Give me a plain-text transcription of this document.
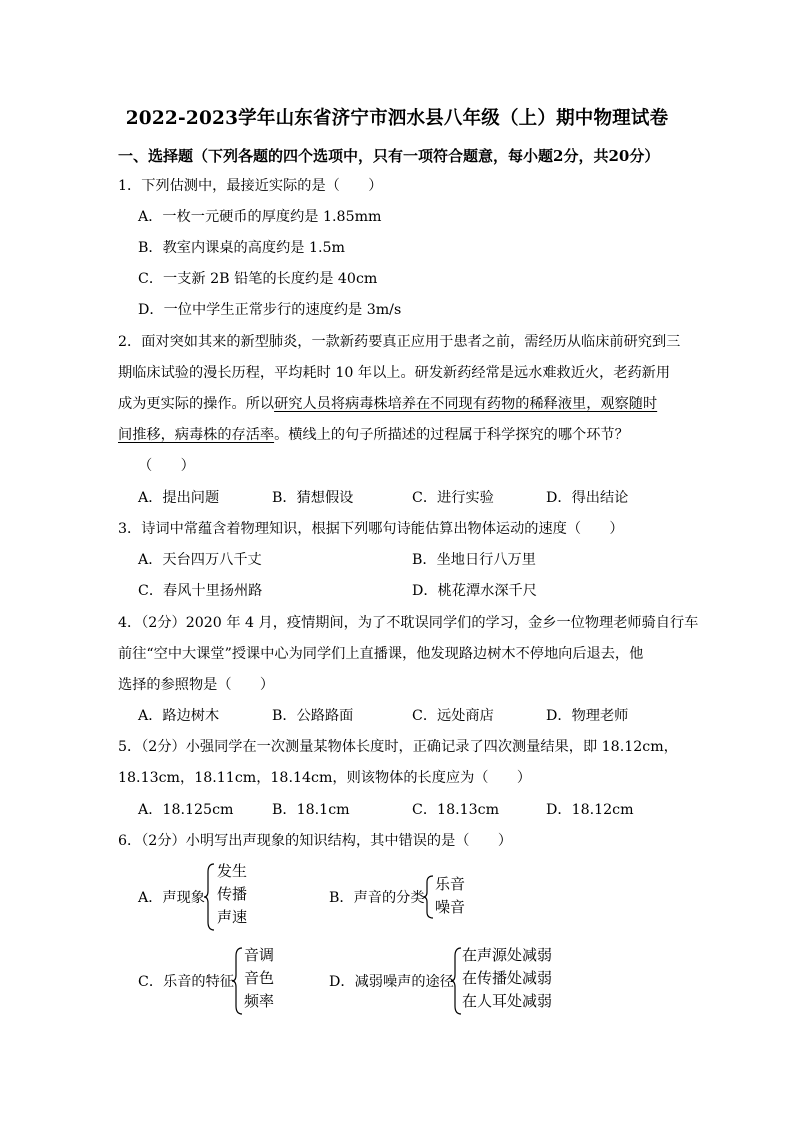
2022-2023学年山东省济宁市泗水县八年级（上）期中物理试卷
一、选择题（下列各题的四个选项中，只有一项符合题意，每小题2分，共20分）
1．下列估测中，最接近实际的是（　　）
A．一枚一元硬币的厚度约是 1.85mm
B．教室内课桌的高度约是 1.5m
C．一支新 2B 铅笔的长度约是 40cm
D．一位中学生正常步行的速度约是 3m/s
2．面对突如其来的新型肺炎，一款新药要真正应用于患者之前，需经历从临床前研究到三
期临床试验的漫长历程，平均耗时 10 年以上。研发新药经常是远水难救近火，老药新用
成为更实际的操作。所以研究人员将病毒株培养在不同现有药物的稀释液里，观察随时
间推移，病毒株的存活率。横线上的句子所描述的过程属于科学探究的哪个环节？
（　　）
A．提出问题	B．猜想假设	C．进行实验	D．得出结论
3．诗词中常蕴含着物理知识，根据下列哪句诗能估算出物体运动的速度（　　）
A．天台四万八千丈	B．坐地日行八万里
C．春风十里扬州路	D．桃花潭水深千尺
4．（2分）2020 年 4 月，疫情期间，为了不耽误同学们的学习，金乡一位物理老师骑自行车
前往“空中大课堂”授课中心为同学们上直播课，他发现路边树木不停地向后退去，他
选择的参照物是（　　）
A．路边树木	B．公路路面	C．远处商店	D．物理老师
5．（2分）小强同学在一次测量某物体长度时，正确记录了四次测量结果，即 18.12cm，
18.13cm，18.11cm，18.14cm，则该物体的长度应为（　　）
A．18.125cm	B．18.1cm	C．18.13cm	D．18.12cm
6．（2分）小明写出声现象的知识结构，其中错误的是（　　）
A．声现象
发生
传播
声速
B．声音的分类
乐音
噪音
C．乐音的特征
音调
音色
频率
D．减弱噪声的途径
在声源处减弱
在传播处减弱
在人耳处减弱
